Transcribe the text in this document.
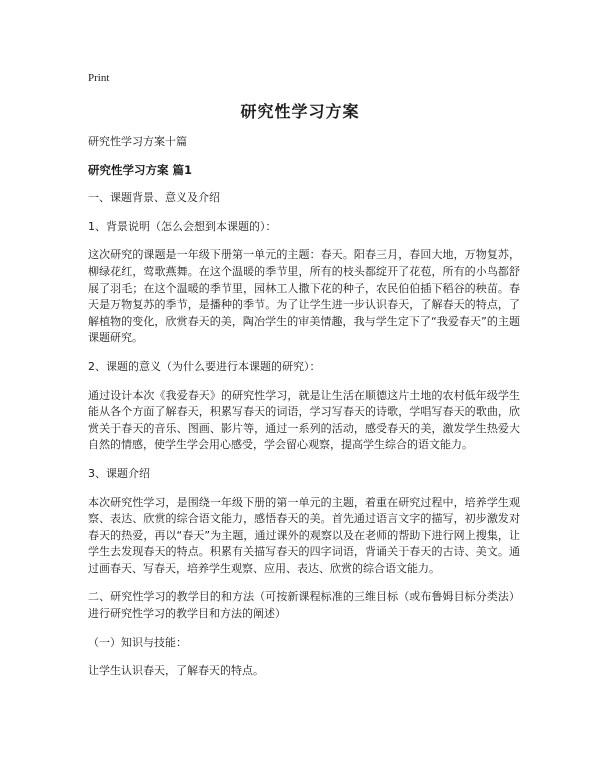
Print
研究性学习方案

研究性学习方案十篇

研究性学习方案 篇1

一、课题背景、意义及介绍

1、背景说明（怎么会想到本课题的）：

这次研究的课题是一年级下册第一单元的主题：春天。阳春三月，春回大地，万物复苏，柳绿花红，莺歌燕舞。在这个温暖的季节里，所有的枝头都绽开了花苞，所有的小鸟都舒展了羽毛；在这个温暖的季节里，园林工人撒下花的种子，农民伯伯插下稻谷的秧苗。春天是万物复苏的季节，是播种的季节。为了让学生进一步认识春天，了解春天的特点，了解植物的变化，欣赏春天的美，陶冶学生的审美情趣，我与学生定下了“我爱春天”的主题课题研究。

2、课题的意义（为什么要进行本课题的研究）：

通过设计本次《我爱春天》的研究性学习，就是让生活在顺德这片土地的农村低年级学生能从各个方面了解春天，积累写春天的词语，学习写春天的诗歌，学唱写春天的歌曲，欣赏关于春天的音乐、图画、影片等，通过一系列的活动，感受春天的美，激发学生热爱大自然的情感，使学生学会用心感受，学会留心观察，提高学生综合的语文能力。

3、课题介绍

本次研究性学习，是围绕一年级下册的第一单元的主题，着重在研究过程中，培养学生观察、表达、欣赏的综合语文能力，感悟春天的美。首先通过语言文字的描写，初步激发对春天的热爱，再以“春天”为主题，通过课外的观察以及在老师的帮助下进行网上搜集，让学生去发现春天的特点。积累有关描写春天的四字词语，背诵关于春天的古诗、美文。通过画春天、写春天，培养学生观察、应用、表达、欣赏的综合语文能力。

二、研究性学习的教学目的和方法（可按新课程标准的三维目标（或布鲁姆目标分类法）进行研究性学习的教学目和方法的阐述）

（一）知识与技能：

让学生认识春天，了解春天的特点。
